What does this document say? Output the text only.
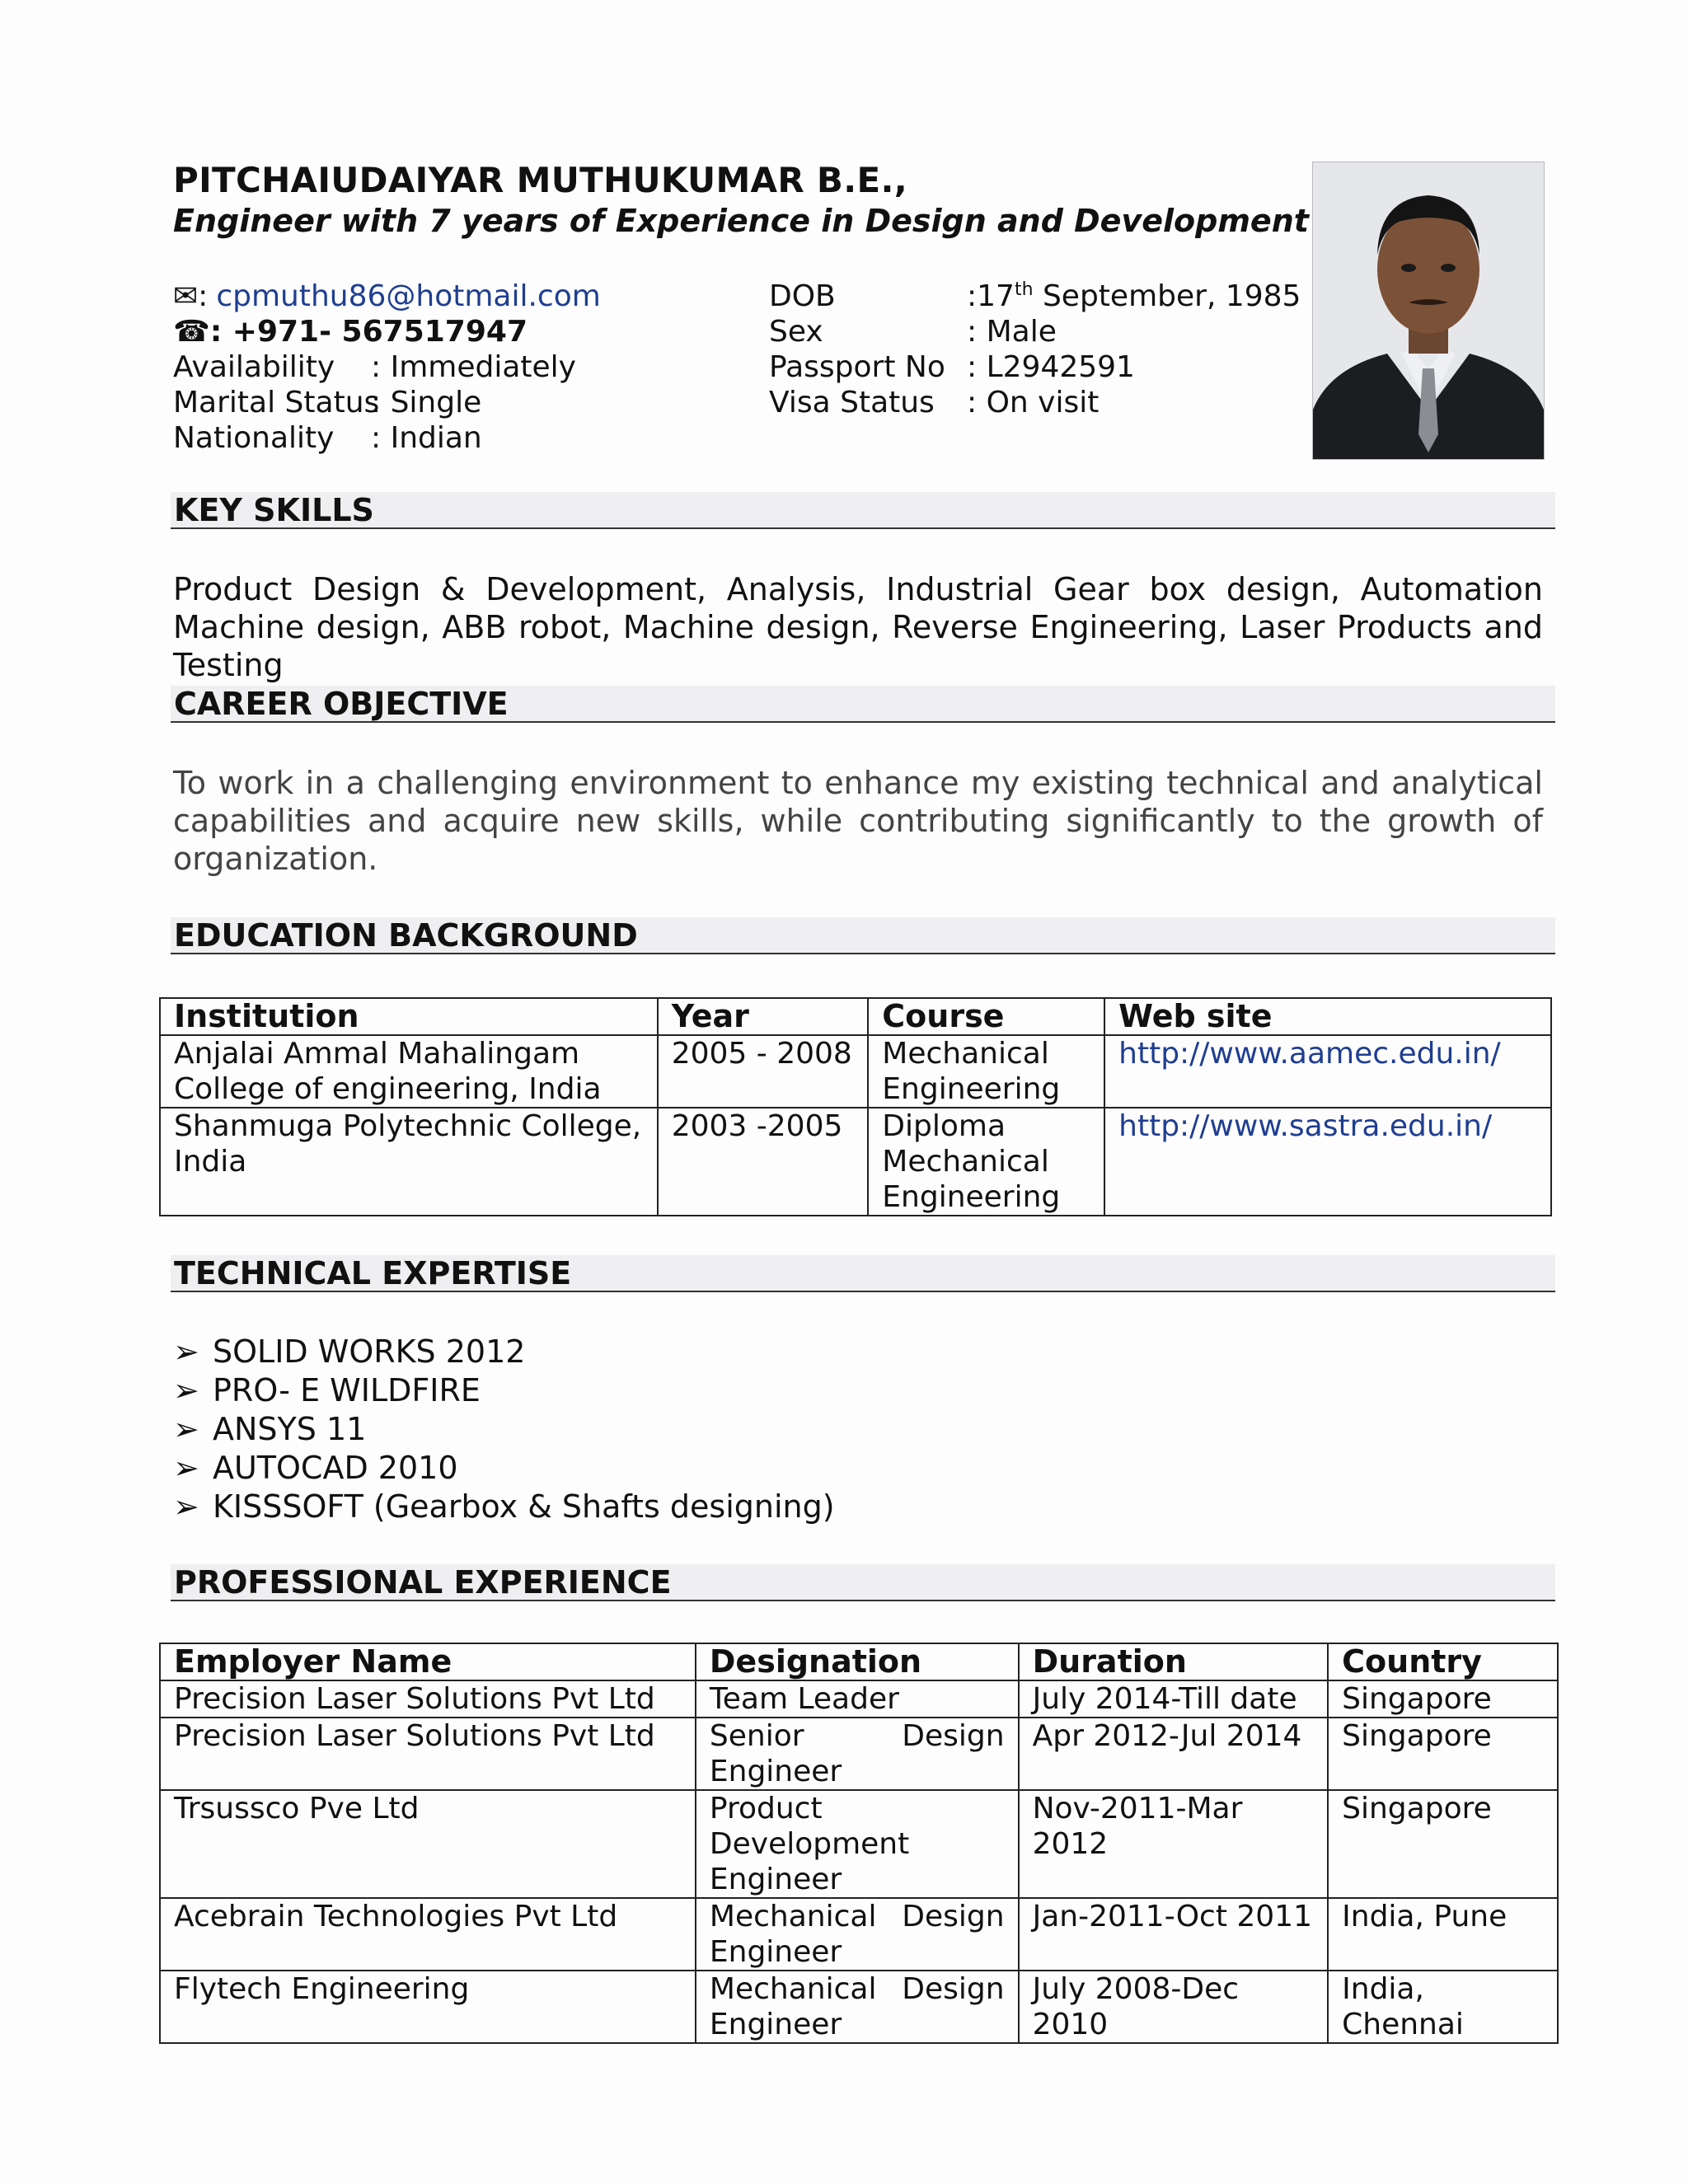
PITCHAIUDAIYAR MUTHUKUMAR B.E.,
Engineer with 7 years of Experience in Design and Development
✉ : cpmuthu86@hotmail.com
☎ : +971- 567517947
Availability	: Immediately
Marital Status
: Single
Nationality	: Indian
DOB	:17th September, 1985
Sex	: Male
Passport No : L2942591
Visa Status	: On visit
KEY SKILLS
Product Design & Development, Analysis, Industrial Gear box design, Automation Machine design, ABB robot, Machine design, Reverse Engineering, Laser Products and Testing
CAREER OBJECTIVE
To work in a challenging environment to enhance my existing technical and analytical capabilities and acquire new skills, while contributing significantly to the growth of organization.
EDUCATION BACKGROUND
Institution	Year	Course	Web site
Anjalai Ammal Mahalingam College of engineering, India	2005 - 2008	Mechanical Engineering	http://www.aamec.edu.in/
Shanmuga Polytechnic College, India	2003 -2005	Diploma Mechanical Engineering	http://www.sastra.edu.in/
TECHNICAL EXPERTISE
➢ SOLID WORKS 2012
➢ PRO- E WILDFIRE
➢ ANSYS 11
➢ AUTOCAD 2010
➢ KISSSOFT (Gearbox & Shafts designing)
PROFESSIONAL EXPERIENCE
Employer Name	Designation	Duration	Country
Precision Laser Solutions Pvt Ltd	Team Leader	July 2014-Till date	Singapore
Precision Laser Solutions Pvt Ltd	Senior Design Engineer	Apr 2012-Jul 2014	Singapore
Trsussco Pve Ltd	Product Development Engineer	Nov-2011-Mar 2012	Singapore
Acebrain Technologies Pvt Ltd	Mechanical Design Engineer	Jan-2011-Oct 2011	India, Pune
Flytech Engineering	Mechanical Design Engineer	July 2008-Dec 2010	India, Chennai
